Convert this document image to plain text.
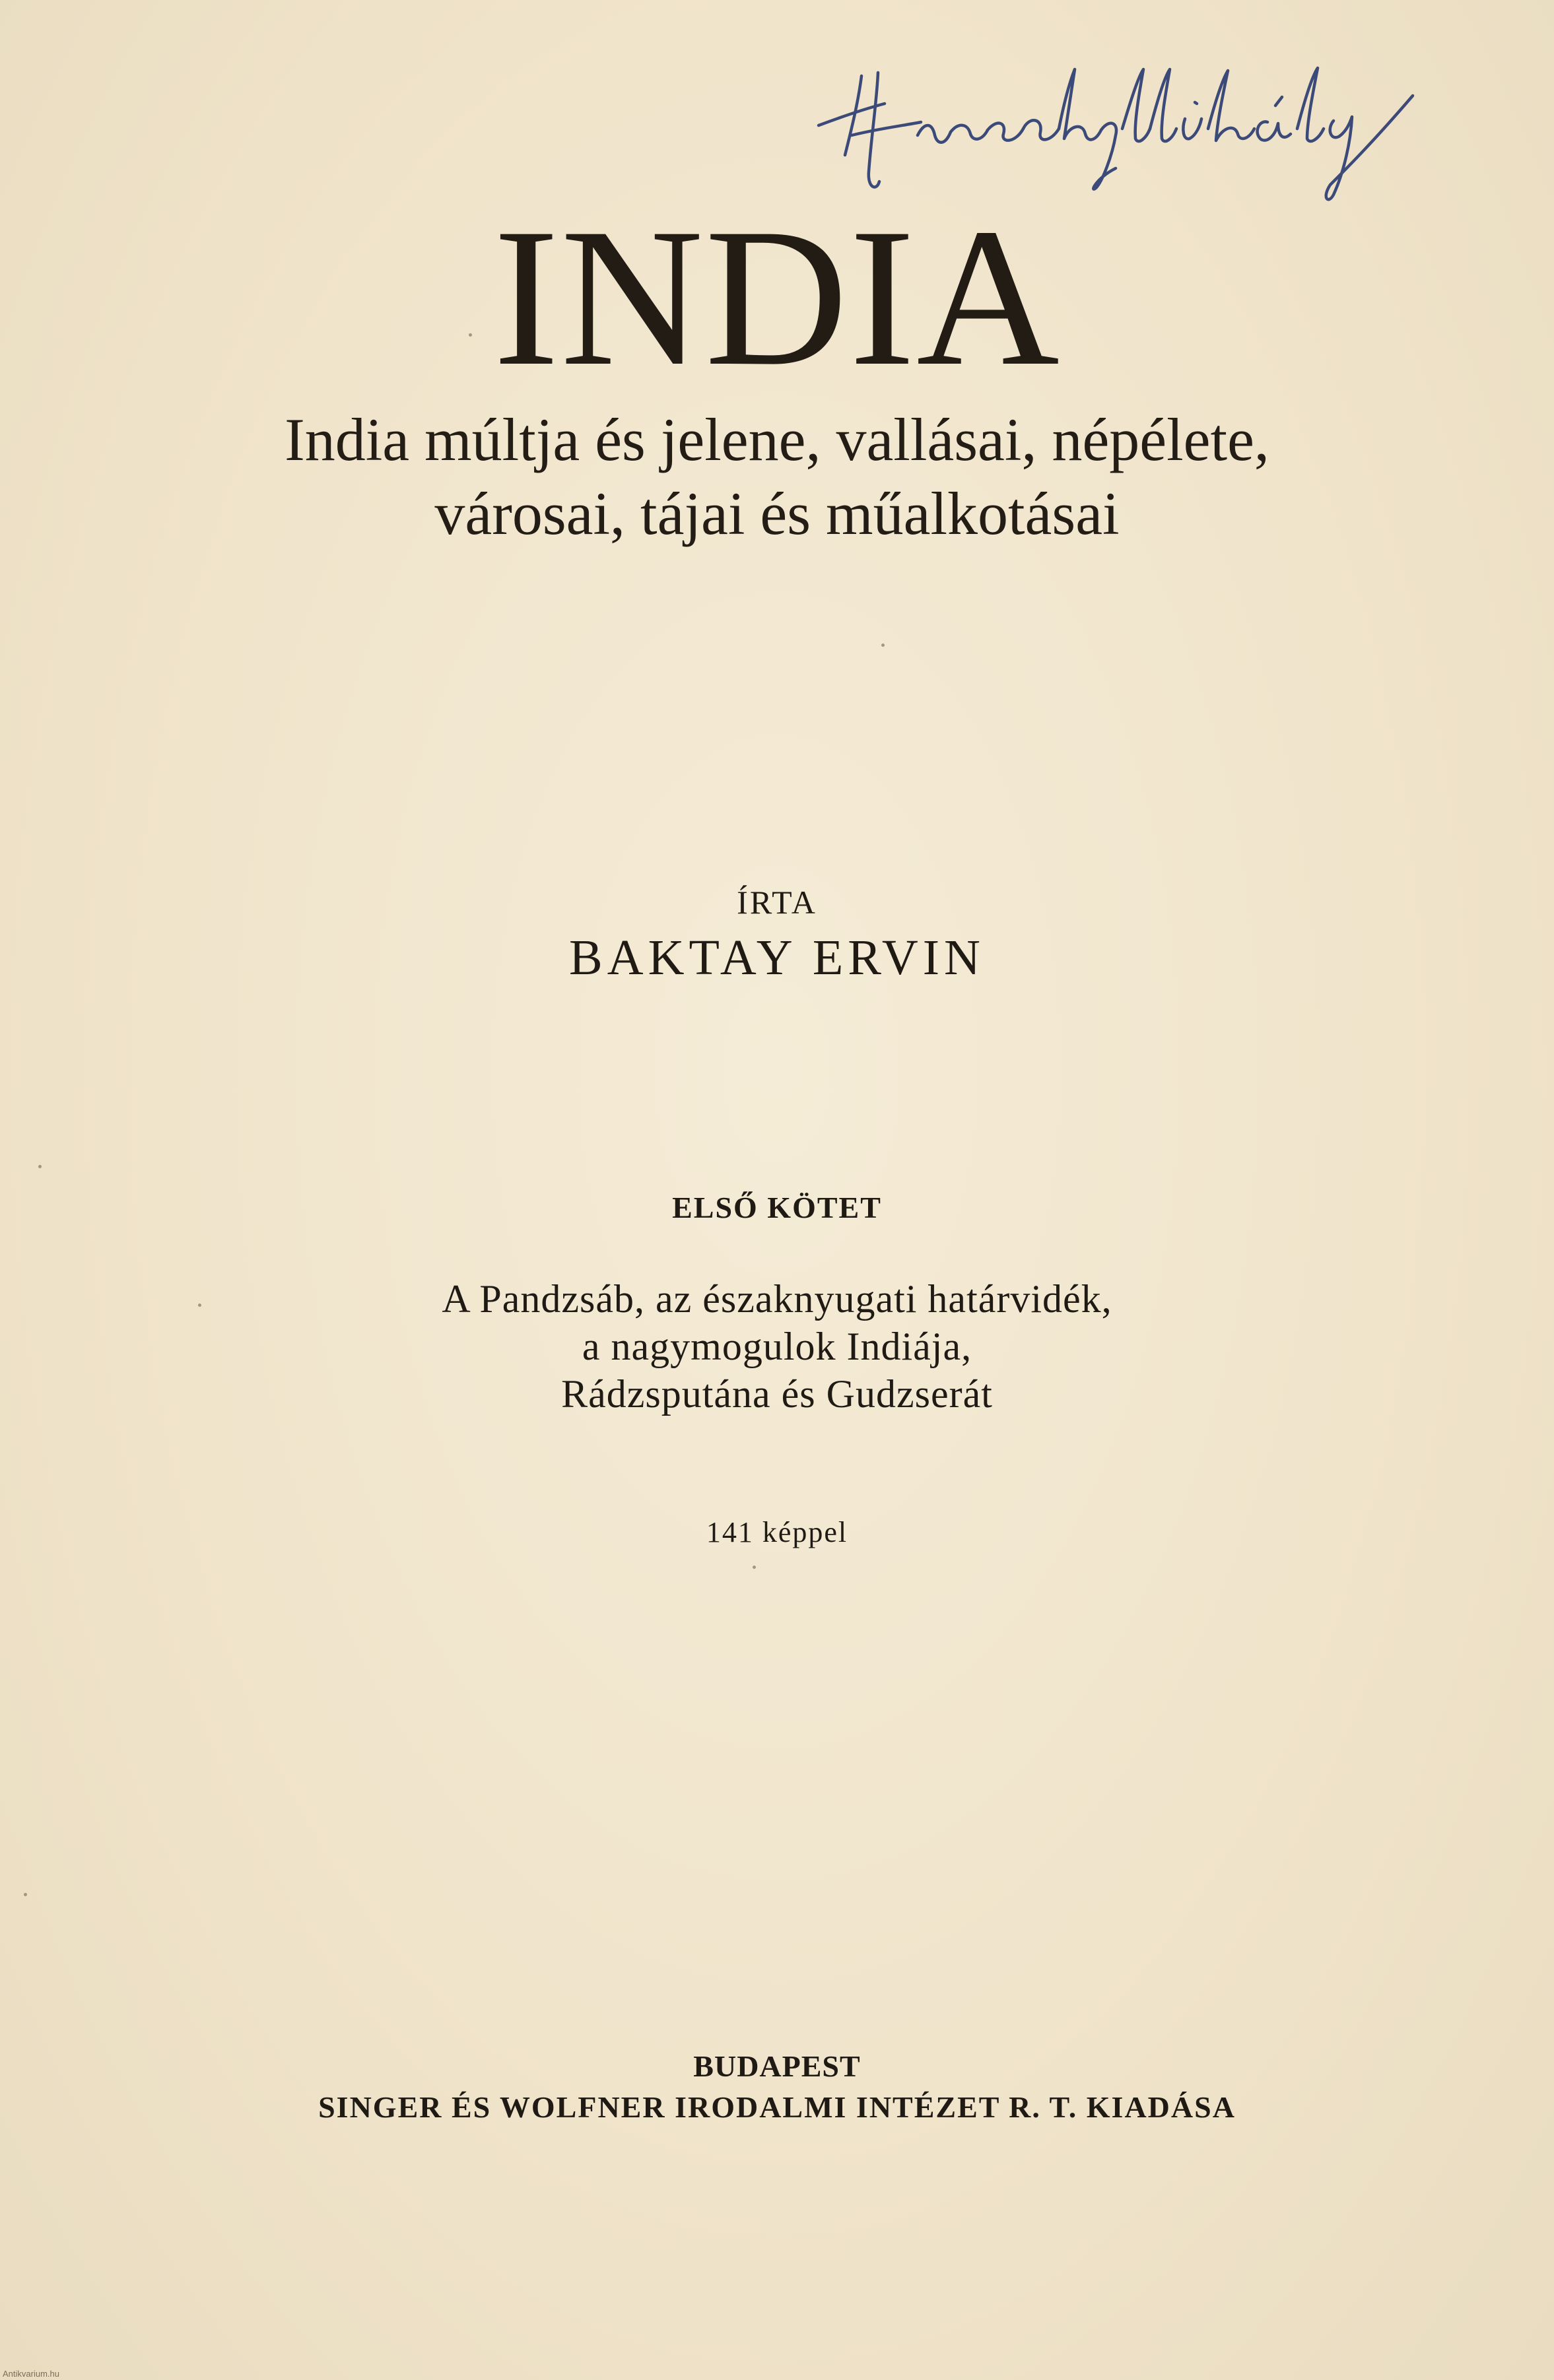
INDIA
India múltja és jelene, vallásai, népélete,
városai, tájai és műalkotásai
ÍRTA
BAKTAY ERVIN
ELSŐ KÖTET
A Pandzsáb, az északnyugati határvidék,
a nagymogulok Indiája,
Rádzsputána és Gudzserát
141 képpel
BUDAPEST
SINGER ÉS WOLFNER IRODALMI INTÉZET R. T. KIADÁSA
Antikvarium.hu
